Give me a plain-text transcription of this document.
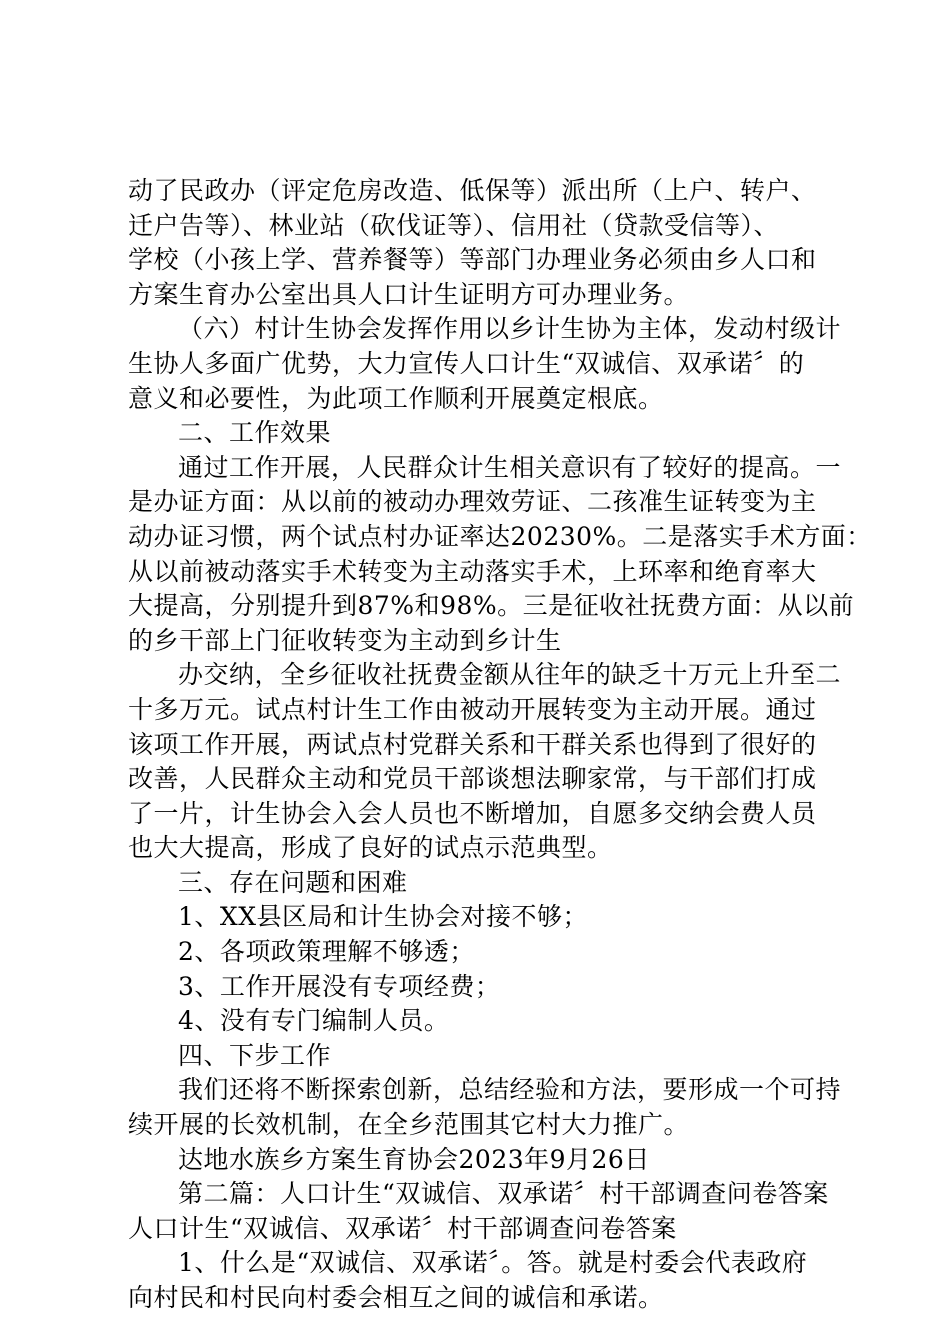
动了民政办（评定危房改造、低保等）派出所（上户、转户、
迁户告等）、林业站（砍伐证等）、信用社（贷款受信等）、
学校（小孩上学、营养餐等）等部门办理业务必须由乡人口和
方案生育办公室出具人口计生证明方可办理业务。
（六）村计生协会发挥作用以乡计生协为主体，发动村级计
生协人多面广优势，大力宣传人口计生“双诚信、双承诺〞的
意义和必要性，为此项工作顺利开展奠定根底。
二、工作效果
通过工作开展，人民群众计生相关意识有了较好的提高。一
是办证方面：从以前的被动办理效劳证、二孩准生证转变为主
动办证习惯，两个试点村办证率达20230%。二是落实手术方面：
从以前被动落实手术转变为主动落实手术，上环率和绝育率大
大提高，分别提升到87%和98%。三是征收社抚费方面：从以前
的乡干部上门征收转变为主动到乡计生
办交纳，全乡征收社抚费金额从往年的缺乏十万元上升至二
十多万元。试点村计生工作由被动开展转变为主动开展。通过
该项工作开展，两试点村党群关系和干群关系也得到了很好的
改善，人民群众主动和党员干部谈想法聊家常，与干部们打成
了一片，计生协会入会人员也不断增加，自愿多交纳会费人员
也大大提高，形成了良好的试点示范典型。
三、存在问题和困难
1、XX县区局和计生协会对接不够；
2、各项政策理解不够透；
3、工作开展没有专项经费；
4、没有专门编制人员。
四、下步工作
我们还将不断探索创新，总结经验和方法，要形成一个可持
续开展的长效机制，在全乡范围其它村大力推广。
达地水族乡方案生育协会2023年9月26日
第二篇：人口计生“双诚信、双承诺〞村干部调查问卷答案
人口计生“双诚信、双承诺〞村干部调查问卷答案
1、什么是“双诚信、双承诺〞。答。就是村委会代表政府
向村民和村民向村委会相互之间的诚信和承诺。
